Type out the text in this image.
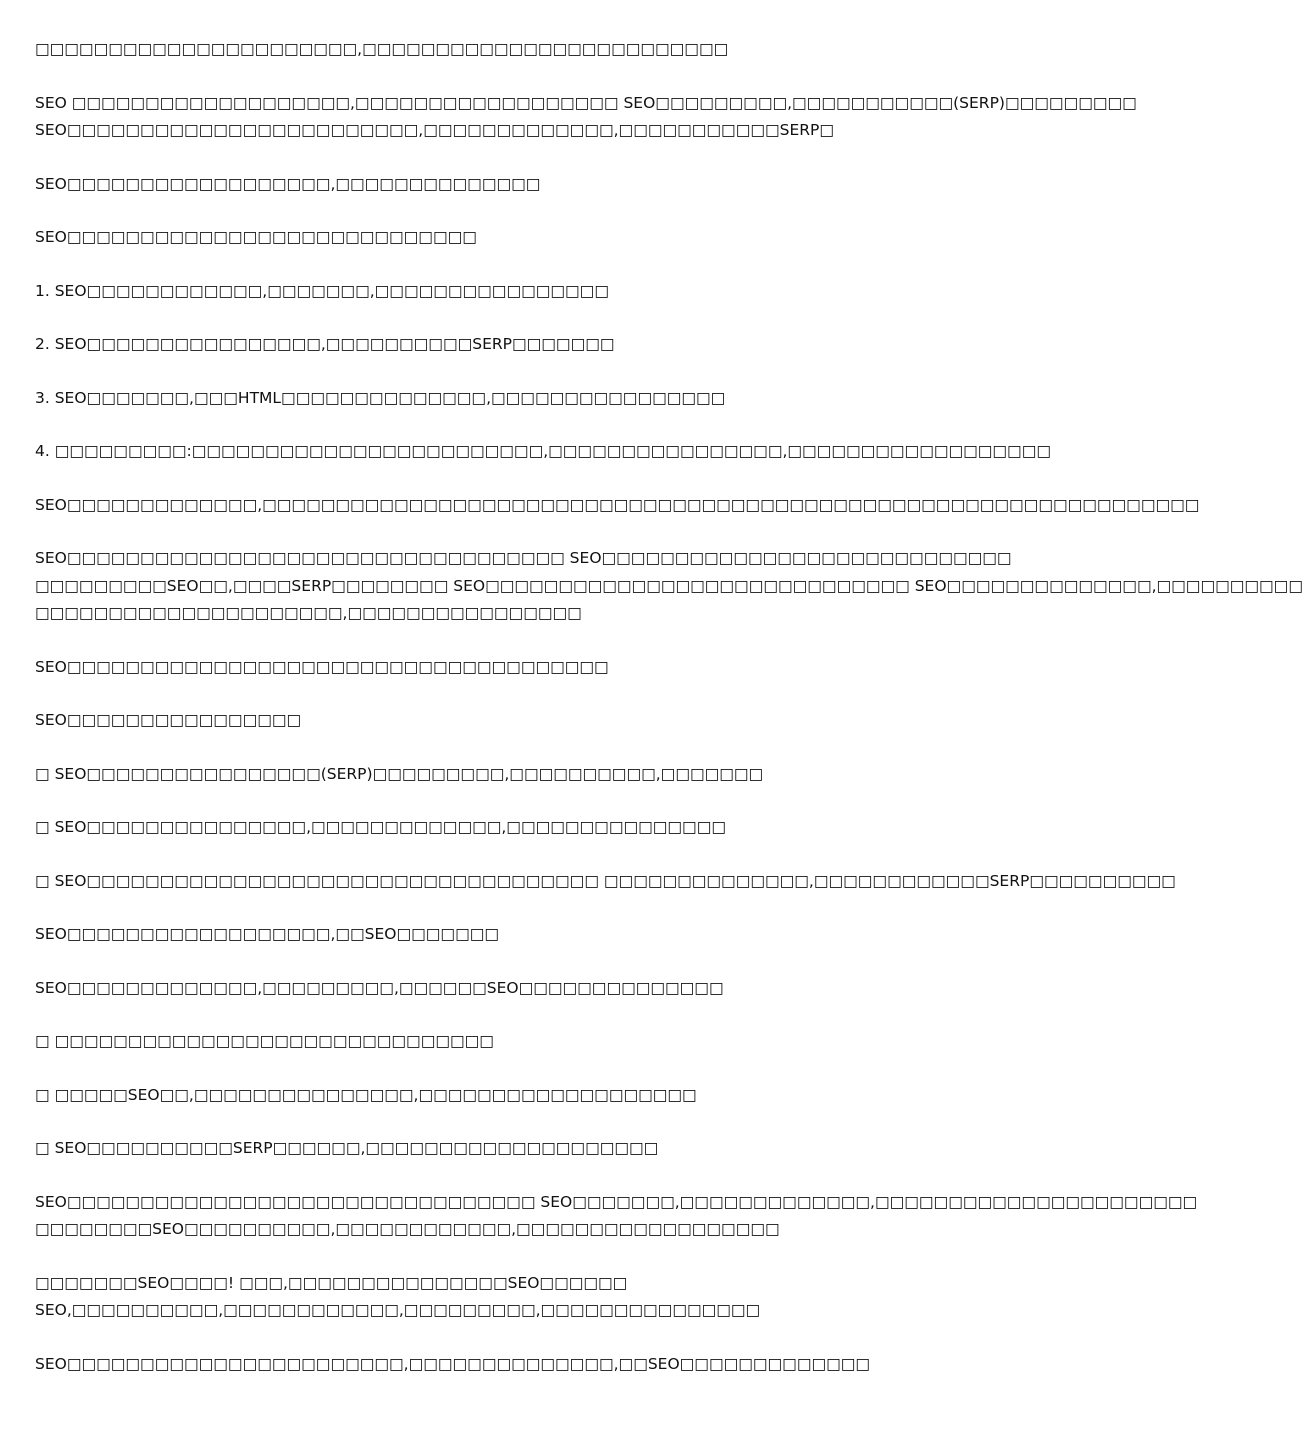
□□□□□□□□□□□□□□□□□□□□□□,□□□□□□□□□□□□□□□□□□□□□□□□□
SEO □□□□□□□□□□□□□□□□□□□,□□□□□□□□□□□□□□□□□□ SEO□□□□□□□□□,□□□□□□□□□□□(SERP)□□□□□□□□□
SEO□□□□□□□□□□□□□□□□□□□□□□□□,□□□□□□□□□□□□□,□□□□□□□□□□□SERP□
SEO□□□□□□□□□□□□□□□□□□,□□□□□□□□□□□□□□
SEO□□□□□□□□□□□□□□□□□□□□□□□□□□□□
1. SEO□□□□□□□□□□□□,□□□□□□□,□□□□□□□□□□□□□□□□
2. SEO□□□□□□□□□□□□□□□□,□□□□□□□□□□SERP□□□□□□□
3. SEO□□□□□□□,□□□HTML□□□□□□□□□□□□□□,□□□□□□□□□□□□□□□□
4. □□□□□□□□□:□□□□□□□□□□□□□□□□□□□□□□□□,□□□□□□□□□□□□□□□□,□□□□□□□□□□□□□□□□□□
SEO□□□□□□□□□□□□□,□□□□□□□□□□□□□□□□□□□□□□□□□□□□□□□□□□□□□□□□□□□□□□□□□□□□□□□□□□□□□□□□
SEO□□□□□□□□□□□□□□□□□□□□□□□□□□□□□□□□□□ SEO□□□□□□□□□□□□□□□□□□□□□□□□□□□□
□□□□□□□□□SEO□□,□□□□SERP□□□□□□□□ SEO□□□□□□□□□□□□□□□□□□□□□□□□□□□□□ SEO□□□□□□□□□□□□□□,□□□□□□□□□□
□□□□□□□□□□□□□□□□□□□□□,□□□□□□□□□□□□□□□□
SEO□□□□□□□□□□□□□□□□□□□□□□□□□□□□□□□□□□□□□
SEO□□□□□□□□□□□□□□□□
□ SEO□□□□□□□□□□□□□□□□(SERP)□□□□□□□□□,□□□□□□□□□□,□□□□□□□
□ SEO□□□□□□□□□□□□□□□,□□□□□□□□□□□□□,□□□□□□□□□□□□□□□
□ SEO□□□□□□□□□□□□□□□□□□□□□□□□□□□□□□□□□□□ □□□□□□□□□□□□□□,□□□□□□□□□□□□SERP□□□□□□□□□□
SEO□□□□□□□□□□□□□□□□□□,□□SEO□□□□□□□
SEO□□□□□□□□□□□□□,□□□□□□□□□,□□□□□□SEO□□□□□□□□□□□□□□
□ □□□□□□□□□□□□□□□□□□□□□□□□□□□□□□
□ □□□□□SEO□□,□□□□□□□□□□□□□□□,□□□□□□□□□□□□□□□□□□□
□ SEO□□□□□□□□□□SERP□□□□□□,□□□□□□□□□□□□□□□□□□□□
SEO□□□□□□□□□□□□□□□□□□□□□□□□□□□□□□□□ SEO□□□□□□□,□□□□□□□□□□□□□,□□□□□□□□□□□□□□□□□□□□□□
□□□□□□□□SEO□□□□□□□□□□,□□□□□□□□□□□□,□□□□□□□□□□□□□□□□□□
□□□□□□□SEO□□□□! □□□,□□□□□□□□□□□□□□□SEO□□□□□□
SEO,□□□□□□□□□□,□□□□□□□□□□□□,□□□□□□□□□,□□□□□□□□□□□□□□□
SEO□□□□□□□□□□□□□□□□□□□□□□□,□□□□□□□□□□□□□□,□□SEO□□□□□□□□□□□□□
